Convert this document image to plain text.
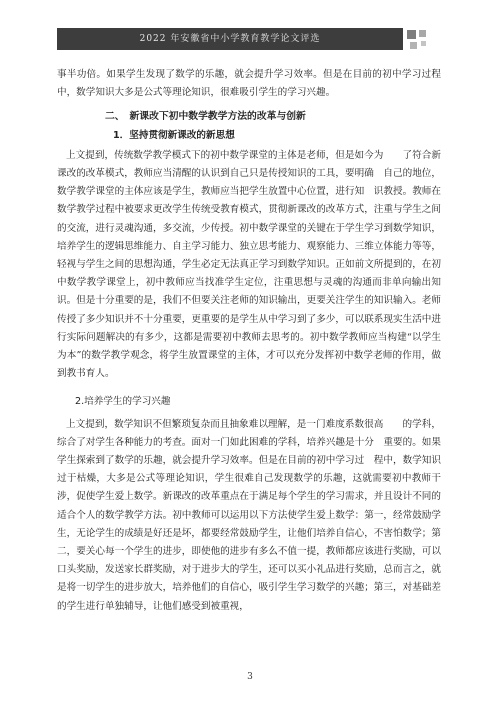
2022 年安徽省中小学教育教学论文评选

事半功倍。如果学生发现了数学的乐趣，就会提升学习效率。但是在目前的初中学习过程中，数学知识大多是公式等理论知识，很难吸引学生的学习兴趣。

二、　新课改下初中数学教学方法的改革与创新
1．坚持贯彻新课改的新思想

上文提到，传统数学教学模式下的初中数学课堂的主体是老师，但是如今为　　了符合新课改的改革模式，教师应当清醒的认识到自己只是传授知识的工具，要明确　自己的地位，数学教学课堂的主体应该是学生，教师应当把学生放置中心位置，进行知　识教授。教师在数学教学过程中被要求更改学生传统受教育模式，贯彻新课改的改革方式，注重与学生之间的交流，进行灵魂沟通，多交流，少传授。初中数学课堂的关键在于学生学习到数学知识，培养学生的逻辑思维能力、自主学习能力、独立思考能力、观察能力、三维立体能力等等，轻视与学生之间的思想沟通，学生必定无法真正学习到数学知识。正如前文所提到的，在初中数学教学课堂上，初中教师应当找准学生定位，注重思想与灵魂的沟通而非单向输出知识。但是十分重要的是，我们不但要关注老师的知识输出，更要关注学生的知识输入。老师传授了多少知识并不十分重要，更重要的是学生从中学习到了多少，可以联系现实生活中进行实际问题解决的有多少，这都是需要初中教师去思考的。初中数学教师应当构建“以学生为本”的数学教学观念，将学生放置课堂的主体，才可以充分发挥初中数学老师的作用，做到教书育人。

2.培养学生的学习兴趣

上文提到，数学知识不但繁琐复杂而且抽象难以理解，是一门难度系数很高　　的学科，综合了对学生各种能力的考查。面对一门如此困难的学科，培养兴趣是十分　重要的。如果学生探索到了数学的乐趣，就会提升学习效率。但是在目前的初中学习过　程中，数学知识过于枯燥，大多是公式等理论知识，学生很难自己发现数学的乐趣，这就需要初中教师干涉，促使学生爱上数学。新课改的改革重点在于满足每个学生的学习需求，并且设计不同的适合个人的数学教学方法。初中教师可以运用以下方法使学生爱上数学：第一，经常鼓励学生，无论学生的成绩是好还是坏，都要经常鼓励学生，让他们培养自信心，不害怕数学；第二，要关心每一个学生的进步，即使他的进步有多么不值一提，教师都应该进行奖励，可以口头奖励，发送家长群奖励，对于进步大的学生，还可以买小礼品进行奖励，总而言之，就是将一切学生的进步放大，培养他们的自信心，吸引学生学习数学的兴趣；第三，对基础差的学生进行单独辅导，让他们感受到被重视，

3
